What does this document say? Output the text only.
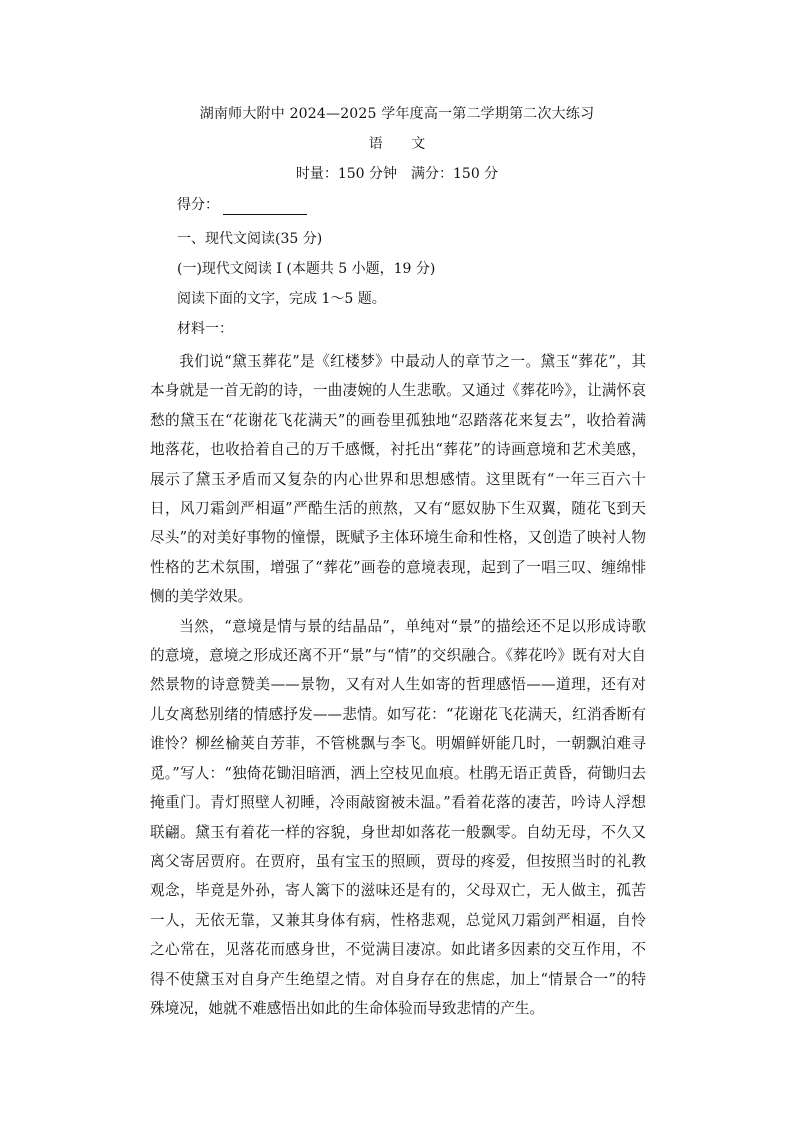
湖南师大附中 2024—2025 学年度高一第二学期第二次大练习
语 文
时量：150 分钟　满分：150 分
得分：
一、现代文阅读(35 分)
(一)现代文阅读 I (本题共 5 小题，19 分)
阅读下面的文字，完成 1～5 题。
材料一：

我们说“黛玉葬花”是《红楼梦》中最动人的章节之一。黛玉“葬花”，其本身就是一首无韵的诗，一曲凄婉的人生悲歌。又通过《葬花吟》，让满怀哀愁的黛玉在“花谢花飞花满天”的画卷里孤独地“忍踏落花来复去”，收拾着满地落花，也收拾着自己的万千感慨，衬托出“葬花”的诗画意境和艺术美感，展示了黛玉矛盾而又复杂的内心世界和思想感情。这里既有“一年三百六十日，风刀霜剑严相逼”严酷生活的煎熬，又有“愿奴胁下生双翼，随花飞到天尽头”的对美好事物的憧憬，既赋予主体环境生命和性格，又创造了映衬人物性格的艺术氛围，增强了“葬花”画卷的意境表现，起到了一唱三叹、缠绵悱恻的美学效果。

当然，“意境是情与景的结晶品”，单纯对“景”的描绘还不足以形成诗歌的意境，意境之形成还离不开“景”与“情”的交织融合。《葬花吟》既有对大自然景物的诗意赞美——景物，又有对人生如寄的哲理感悟——道理，还有对儿女离愁别绪的情感抒发——悲情。如写花：“花谢花飞花满天，红消香断有谁怜？柳丝榆荚自芳菲，不管桃飘与李飞。明媚鲜妍能几时，一朝飘泊难寻觅。”写人：“独倚花锄泪暗洒，洒上空枝见血痕。杜鹃无语正黄昏，荷锄归去掩重门。青灯照壁人初睡，冷雨敲窗被未温。”看着花落的凄苦，吟诗人浮想联翩。黛玉有着花一样的容貌，身世却如落花一般飘零。自幼无母，不久又离父寄居贾府。在贾府，虽有宝玉的照顾，贾母的疼爱，但按照当时的礼教观念，毕竟是外孙，寄人篱下的滋味还是有的，父母双亡，无人做主，孤苦一人，无依无靠，又兼其身体有病，性格悲观，总觉风刀霜剑严相逼，自怜之心常在，见落花而感身世，不觉满目凄凉。如此诸多因素的交互作用，不得不使黛玉对自身产生绝望之情。对自身存在的焦虑，加上“情景合一”的特殊境况，她就不难感悟出如此的生命体验而导致悲情的产生。
